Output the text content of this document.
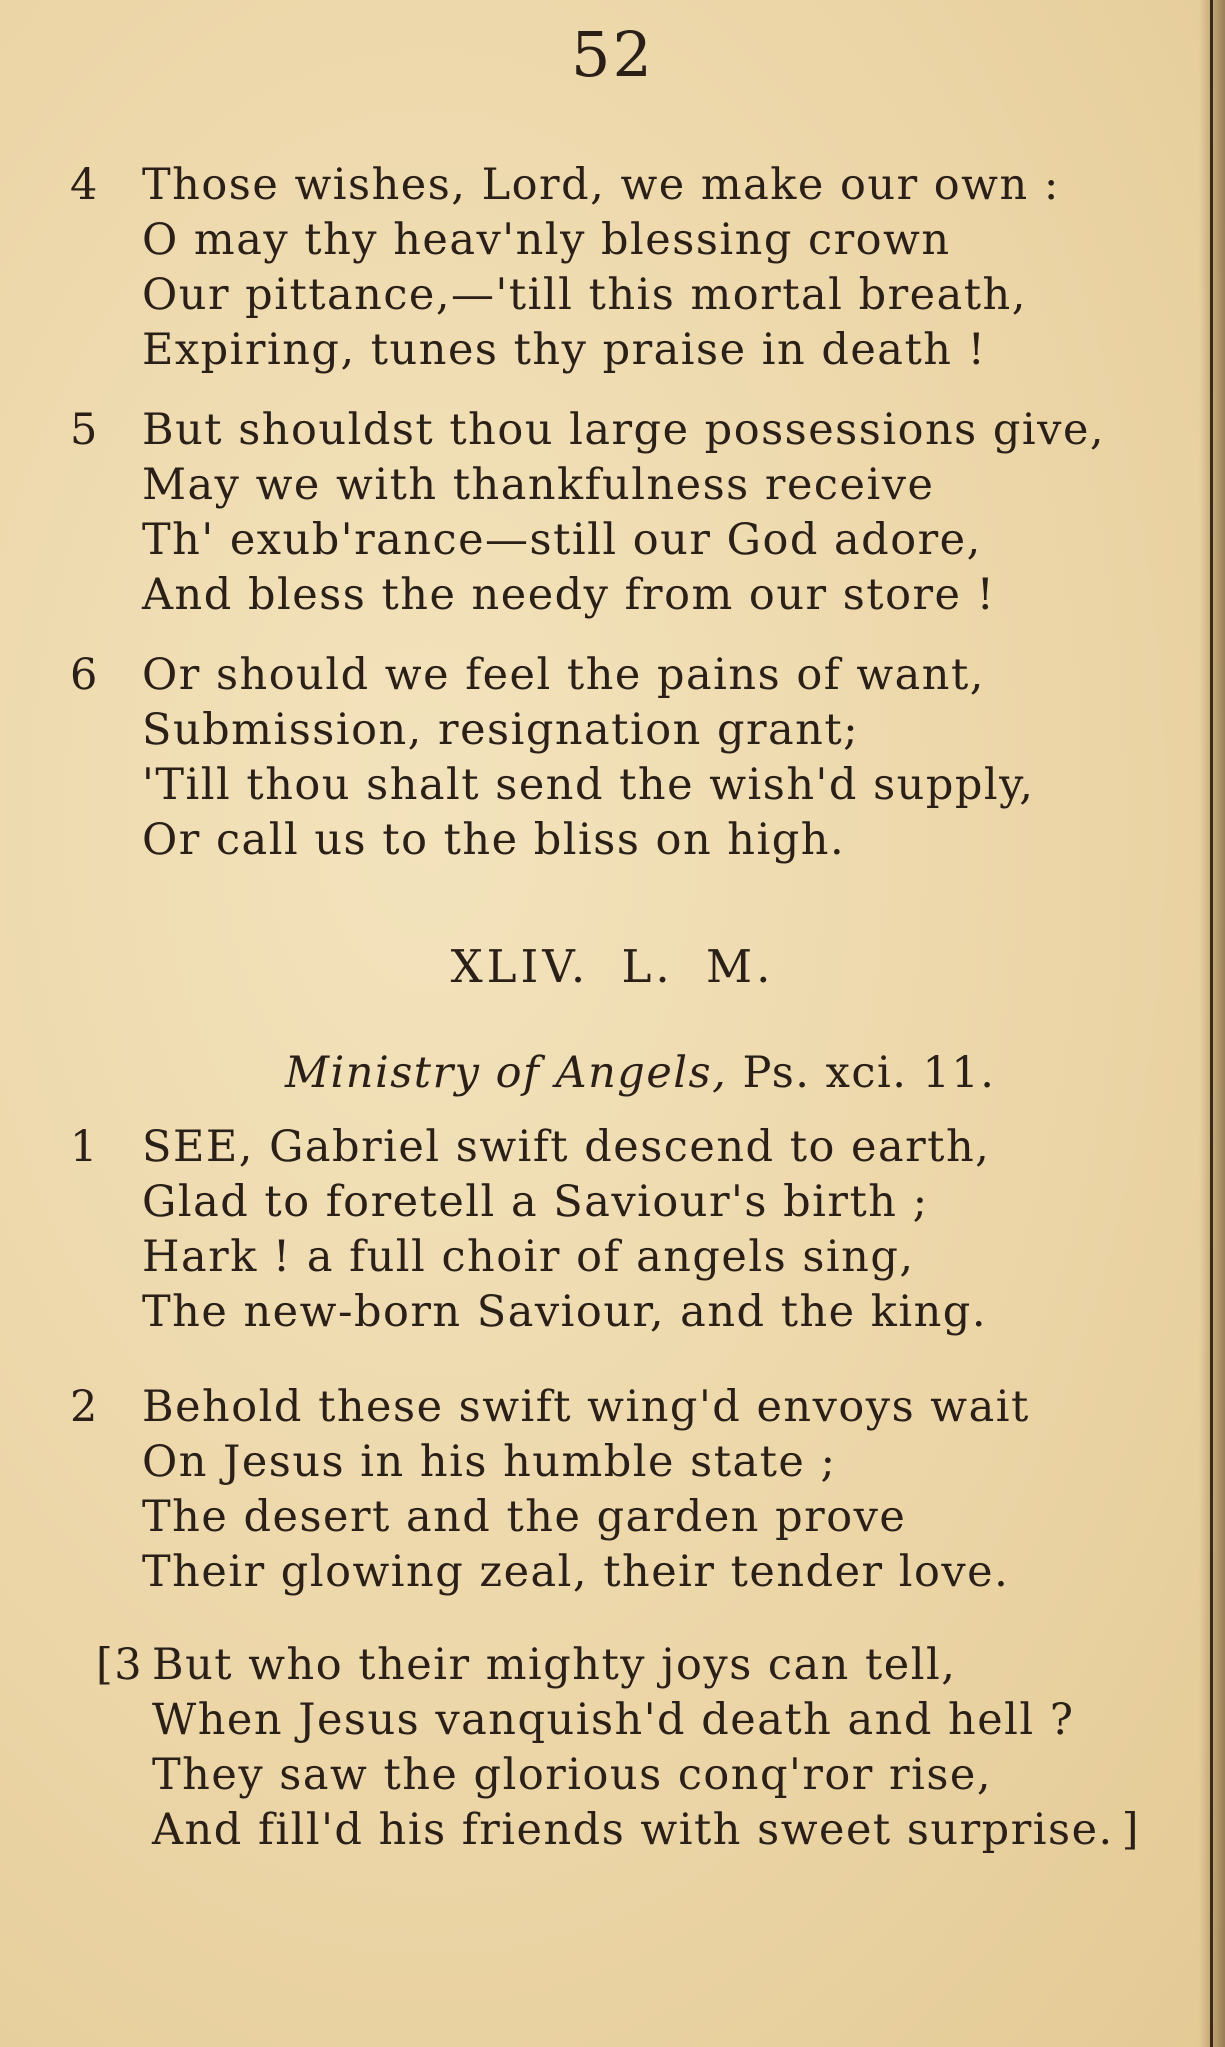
52
4	Those wishes, Lord, we make our own :
O may thy heav'nly blessing crown
Our pittance,—'till this mortal breath,
Expiring, tunes thy praise in death !
5	But shouldst thou large possessions give,
May we with thankfulness receive
Th' exub'rance—still our God adore,
And bless the needy from our store !
6	Or should we feel the pains of want,
Submission, resignation grant;
'Till thou shalt send the wish'd supply,
Or call us to the bliss on high.
XLIV. L. M.
Ministry of Angels, Ps. xci. 11.
1	SEE, Gabriel swift descend to earth,
Glad to foretell a Saviour's birth ;
Hark ! a full choir of angels sing,
The new-born Saviour, and the king.
2	Behold these swift wing'd envoys wait
On Jesus in his humble state ;
The desert and the garden prove
Their glowing zeal, their tender love.
[3 But who their mighty joys can tell,
When Jesus vanquish'd death and hell ?
They saw the glorious conq'ror rise,
And fill'd his friends with sweet surprise. ]
